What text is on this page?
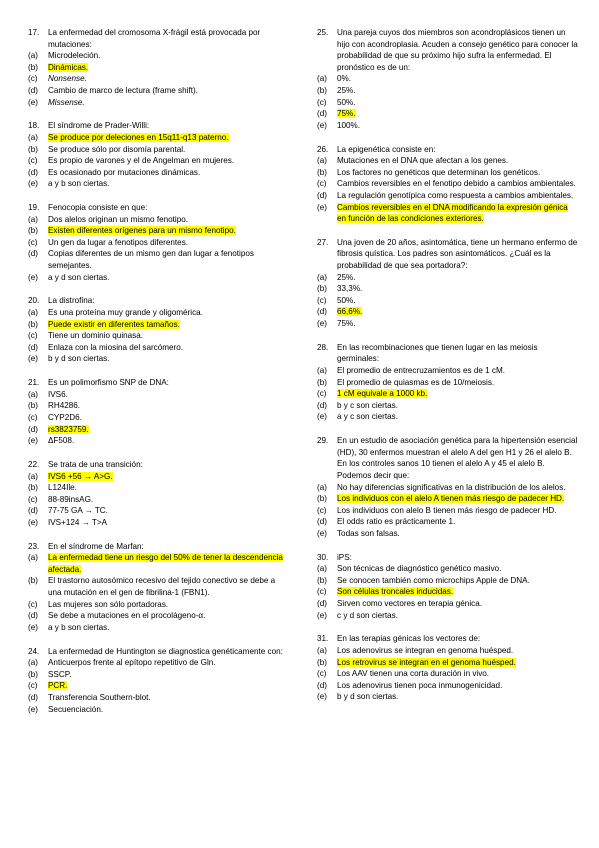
17.	La enfermedad del cromosoma X-frágil está provocada por mutaciones:
(a)	Microdeleción.
(b)	Dinámicas.
(c)	Nonsense.
(d)	Cambio de marco de lectura (frame shift).
(e)	Missense.
18.	El síndrome de Prader-Willi:
(a)	Se produce por deleciones en 15q11-q13 paterno.
(b)	Se produce sólo por disomía parental.
(c)	Es propio de varones y el de Angelman en mujeres.
(d)	Es ocasionado por mutaciones dinámicas.
(e)	a y b son ciertas.
19.	Fenocopia consiste en que:
(a)	Dos alelos originan un mismo fenotipo.
(b)	Existen diferentes orígenes para un mismo fenotipo.
(c)	Un gen da lugar a fenotipos diferentes.
(d)	Copias diferentes de un mismo gen dan lugar a fenotipos semejantes.
(e)	a y d son ciertas.
20.	La distrofina:
(a)	Es una proteína muy grande y oligomérica.
(b)	Puede existir en diferentes tamaños.
(c)	Tiene un dominio quinasa.
(d)	Enlaza con la miosina del sarcómero.
(e)	b y d son ciertas.
21.	Es un polimorfismo SNP de DNA:
(a)	IVS6.
(b)	RH4286.
(c)	CYP2D6.
(d)	rs3823759.
(e)	ΔF508.
22.	Se trata de una transición:
(a)	IVS6 +56 → A>G.
(b)	L124Ile.
(c)	88-89insAG.
(d)	77-75 GA → TC.
(e)	IVS+124 → T>A
23.	En el síndrome de Marfan:
(a)	La enfermedad tiene un riesgo del 50% de tener la descendencia afectada.
(b)	El trastorno autosómico recesivo del tejido conectivo se debe a una mutación en el gen de fibrilina-1 (FBN1).
(c)	Las mujeres son sólo portadoras.
(d)	Se debe a mutaciones en el procolágeno-α.
(e)	a y b son ciertas.
24.	La enfermedad de Huntington se diagnostica genéticamente con:
(a)	Anticuerpos frente al epítopo repetitivo de Gln.
(b)	SSCP.
(c)	PCR.
(d)	Transferencia Southern-blot.
(e)	Secuenciación.
25.	Una pareja cuyos dos miembros son acondroplásicos tienen un hijo con acondroplasia. Acuden a consejo genético para conocer la probabilidad de que su próximo hijo sufra la enfermedad. El pronóstico es de un:
(a)	0%.
(b)	25%.
(c)	50%.
(d)	75%.
(e)	100%.
26.	La epigenética consiste en:
(a)	Mutaciones en el DNA que afectan a los genes.
(b)	Los factores no genéticos que determinan los genéticos.
(c)	Cambios reversibles en el fenotipo debido a cambios ambientales.
(d)	La regulación genotípica como respuesta a cambios ambientales.
(e)	Cambios reversibles en el DNA modificando la expresión génica en función de las condiciones exteriores.
27.	Una joven de 20 años, asintomática, tiene un hermano enfermo de fibrosis quística. Los padres son asintomáticos. ¿Cuál es la probabilidad de que sea portadora?:
(a)	25%.
(b)	33,3%.
(c)	50%.
(d)	66,6%.
(e)	75%.
28.	En las recombinaciones que tienen lugar en las meiosis germinales:
(a)	El promedio de entrecruzamientos es de 1 cM.
(b)	El promedio de quiasmas es de 10/meiosis.
(c)	1 cM equivale a 1000 kb.
(d)	b y c son ciertas.
(e)	a y c son ciertas.
29.	En un estudio de asociación genética para la hipertensión esencial (HD), 30 enfermos muestran el alelo A del gen H1 y 26 el alelo B. En los controles sanos 10 tienen el alelo A y 45 el alelo B. Podemos decir que:
(a)	No hay diferencias significativas en la distribución de los alelos.
(b)	Los individuos con el alelo A tienen más riesgo de padecer HD.
(c)	Los individuos con alelo B tienen más riesgo de padecer HD.
(d)	El odds ratio es prácticamente 1.
(e)	Todas son falsas.
30.	iPS:
(a)	Son técnicas de diagnóstico genético masivo.
(b)	Se conocen también como microchips Apple de DNA.
(c)	Son células troncales inducidas.
(d)	Sirven como vectores en terapia génica.
(e)	c y d son ciertas.
31.	En las terapias génicas los vectores de:
(a)	Los adenovirus se integran en genoma huésped.
(b)	Los retrovirus se integran en el genoma huésped.
(c)	Los AAV tienen una corta duración in vivo.
(d)	Los adenovirus tienen poca inmunogenicidad.
(e)	b y d son ciertas.
